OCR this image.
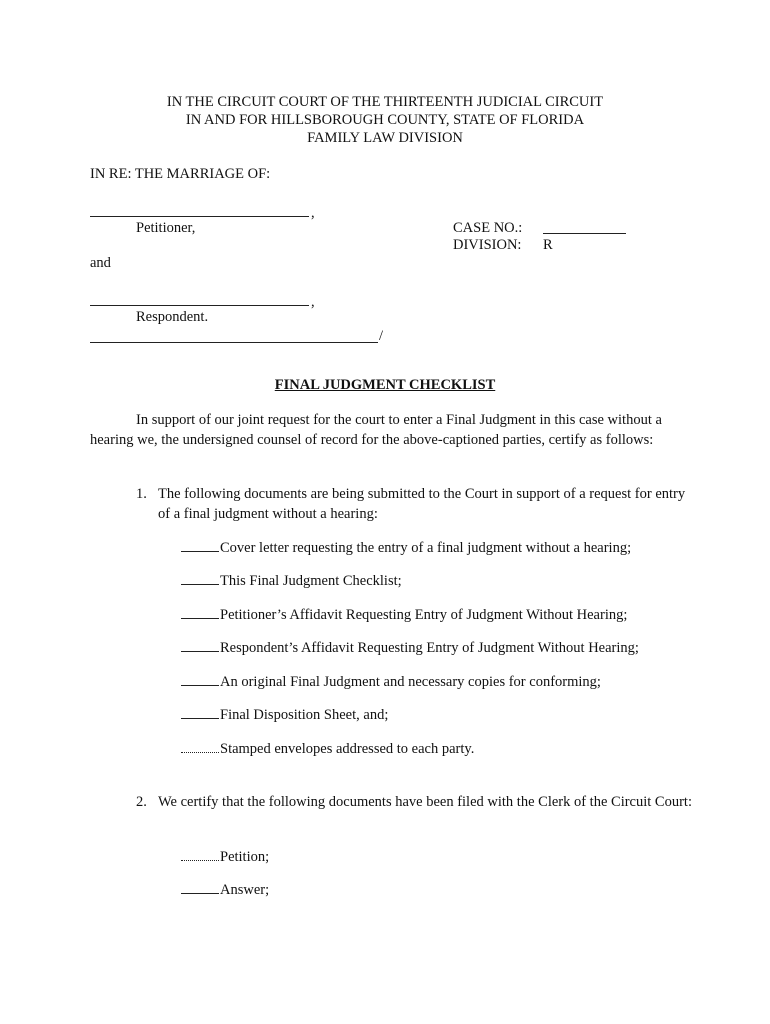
IN THE CIRCUIT COURT OF THE THIRTEENTH JUDICIAL CIRCUIT
IN AND FOR HILLSBOROUGH COUNTY, STATE OF FLORIDA
FAMILY LAW DIVISION
IN RE: THE MARRIAGE OF:
,
Petitioner,	CASE NO.:
DIVISION: R
and
,
Respondent.
/
FINAL JUDGMENT CHECKLIST
In support of our joint request for the court to enter a Final Judgment in this case without a hearing we, the undersigned counsel of record for the above-captioned parties, certify as follows:
1. The following documents are being submitted to the Court in support of a request for entry of a final judgment without a hearing:
Cover letter requesting the entry of a final judgment without a hearing;
This Final Judgment Checklist;
Petitioner’s Affidavit Requesting Entry of Judgment Without Hearing;
Respondent’s Affidavit Requesting Entry of Judgment Without Hearing;
An original Final Judgment and necessary copies for conforming;
Final Disposition Sheet, and;
Stamped envelopes addressed to each party.
2. We certify that the following documents have been filed with the Clerk of the Circuit Court:
Petition;
Answer;
